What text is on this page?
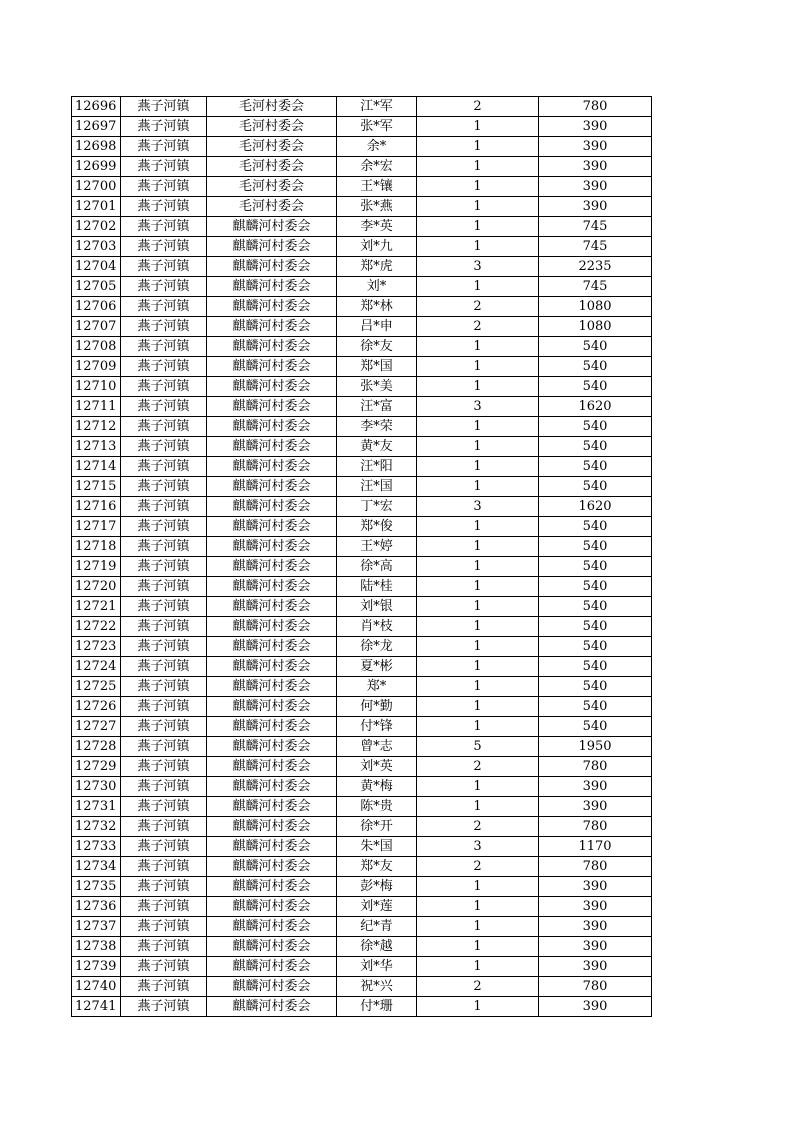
12696	燕子河镇	毛河村委会	江*军	2	780
12697	燕子河镇	毛河村委会	张*军	1	390
12698	燕子河镇	毛河村委会	余*	1	390
12699	燕子河镇	毛河村委会	余*宏	1	390
12700	燕子河镇	毛河村委会	王*镶	1	390
12701	燕子河镇	毛河村委会	张*燕	1	390
12702	燕子河镇	麒麟河村委会	李*英	1	745
12703	燕子河镇	麒麟河村委会	刘*九	1	745
12704	燕子河镇	麒麟河村委会	郑*虎	3	2235
12705	燕子河镇	麒麟河村委会	刘*	1	745
12706	燕子河镇	麒麟河村委会	郑*林	2	1080
12707	燕子河镇	麒麟河村委会	吕*申	2	1080
12708	燕子河镇	麒麟河村委会	徐*友	1	540
12709	燕子河镇	麒麟河村委会	郑*国	1	540
12710	燕子河镇	麒麟河村委会	张*美	1	540
12711	燕子河镇	麒麟河村委会	汪*富	3	1620
12712	燕子河镇	麒麟河村委会	李*荣	1	540
12713	燕子河镇	麒麟河村委会	黄*友	1	540
12714	燕子河镇	麒麟河村委会	汪*阳	1	540
12715	燕子河镇	麒麟河村委会	汪*国	1	540
12716	燕子河镇	麒麟河村委会	丁*宏	3	1620
12717	燕子河镇	麒麟河村委会	郑*俊	1	540
12718	燕子河镇	麒麟河村委会	王*婷	1	540
12719	燕子河镇	麒麟河村委会	徐*高	1	540
12720	燕子河镇	麒麟河村委会	陆*桂	1	540
12721	燕子河镇	麒麟河村委会	刘*银	1	540
12722	燕子河镇	麒麟河村委会	肖*枝	1	540
12723	燕子河镇	麒麟河村委会	徐*龙	1	540
12724	燕子河镇	麒麟河村委会	夏*彬	1	540
12725	燕子河镇	麒麟河村委会	郑*	1	540
12726	燕子河镇	麒麟河村委会	何*勤	1	540
12727	燕子河镇	麒麟河村委会	付*锋	1	540
12728	燕子河镇	麒麟河村委会	曾*志	5	1950
12729	燕子河镇	麒麟河村委会	刘*英	2	780
12730	燕子河镇	麒麟河村委会	黄*梅	1	390
12731	燕子河镇	麒麟河村委会	陈*贵	1	390
12732	燕子河镇	麒麟河村委会	徐*开	2	780
12733	燕子河镇	麒麟河村委会	朱*国	3	1170
12734	燕子河镇	麒麟河村委会	郑*友	2	780
12735	燕子河镇	麒麟河村委会	彭*梅	1	390
12736	燕子河镇	麒麟河村委会	刘*莲	1	390
12737	燕子河镇	麒麟河村委会	纪*青	1	390
12738	燕子河镇	麒麟河村委会	徐*越	1	390
12739	燕子河镇	麒麟河村委会	刘*华	1	390
12740	燕子河镇	麒麟河村委会	祝*兴	2	780
12741	燕子河镇	麒麟河村委会	付*珊	1	390
